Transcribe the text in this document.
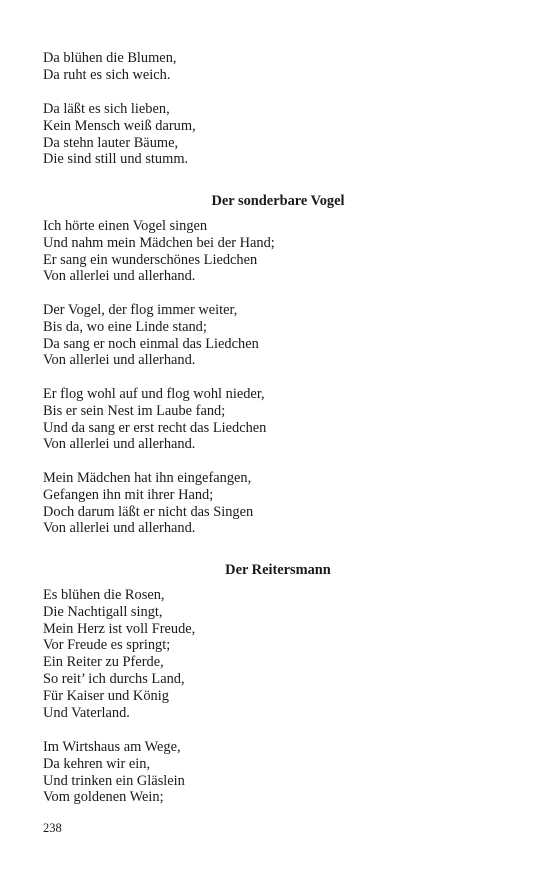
Da blühen die Blumen,
Da ruht es sich weich.
Da läßt es sich lieben,
Kein Mensch weiß darum,
Da stehn lauter Bäume,
Die sind still und stumm.
Der sonderbare Vogel
Ich hörte einen Vogel singen
Und nahm mein Mädchen bei der Hand;
Er sang ein wunderschönes Liedchen
Von allerlei und allerhand.
Der Vogel, der flog immer weiter,
Bis da, wo eine Linde stand;
Da sang er noch einmal das Liedchen
Von allerlei und allerhand.
Er flog wohl auf und flog wohl nieder,
Bis er sein Nest im Laube fand;
Und da sang er erst recht das Liedchen
Von allerlei und allerhand.
Mein Mädchen hat ihn eingefangen,
Gefangen ihn mit ihrer Hand;
Doch darum läßt er nicht das Singen
Von allerlei und allerhand.
Der Reitersmann
Es blühen die Rosen,
Die Nachtigall singt,
Mein Herz ist voll Freude,
Vor Freude es springt;
Ein Reiter zu Pferde,
So reit’ ich durchs Land,
Für Kaiser und König
Und Vaterland.
Im Wirtshaus am Wege,
Da kehren wir ein,
Und trinken ein Gläslein
Vom goldenen Wein;
238
